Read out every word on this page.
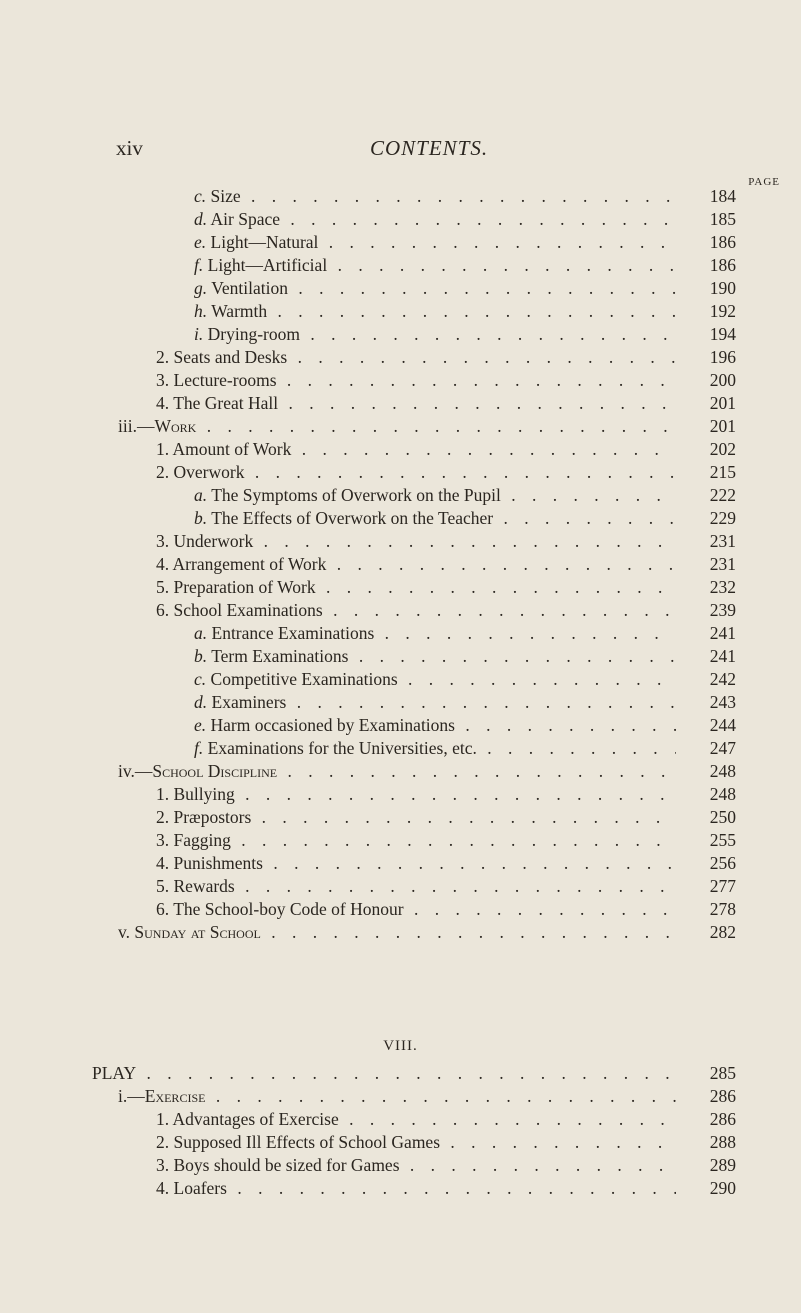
xiv	CONTENTS.
PAGE
c. Size . . .	184
d. Air Space . . .	185
e. Light—Natural . . .	186
f. Light—Artificial . . .	186
g. Ventilation . . .	190
h. Warmth . . .	192
i. Drying-room . . .	194
2. Seats and Desks . . .	196
3. Lecture-rooms . . .	200
4. The Great Hall . . .	201
iii.—Work . . .	201
1. Amount of Work . . .	202
2. Overwork . . .	215
a. The Symptoms of Overwork on the Pupil . . .	222
b. The Effects of Overwork on the Teacher . . .	229
3. Underwork . . .	231
4. Arrangement of Work . . .	231
5. Preparation of Work . . .	232
6. School Examinations . . .	239
a. Entrance Examinations . . .	241
b. Term Examinations . . .	241
c. Competitive Examinations . . .	242
d. Examiners . . .	243
e. Harm occasioned by Examinations . . .	244
f. Examinations for the Universities, etc. . . .	247
iv.—School Discipline . . .	248
1. Bullying . . .	248
2. Præpostors . . .	250
3. Fagging . . .	255
4. Punishments . . .	256
5. Rewards . . .	277
6. The School-boy Code of Honour . . .	278
v. Sunday at School . . .	282
VIII.
PLAY . . .	285
i.—Exercise . . .	286
1. Advantages of Exercise . . .	286
2. Supposed Ill Effects of School Games . . .	288
3. Boys should be sized for Games . . .	289
4. Loafers . . .	290
